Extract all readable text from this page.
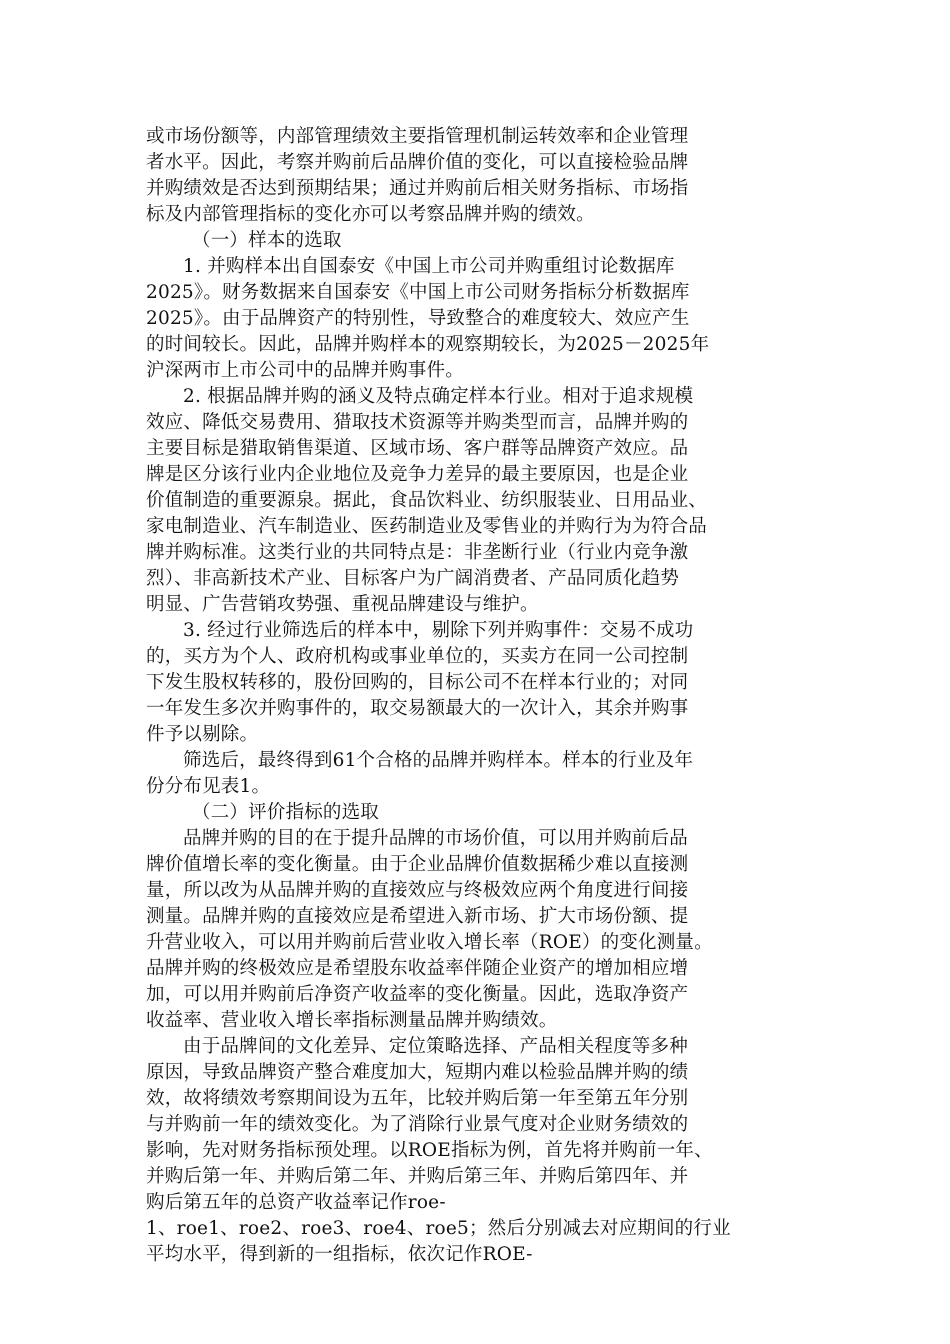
或市场份额等，内部管理绩效主要指管理机制运转效率和企业管理
者水平。因此，考察并购前后品牌价值的变化，可以直接检验品牌
并购绩效是否达到预期结果；通过并购前后相关财务指标、市场指
标及内部管理指标的变化亦可以考察品牌并购的绩效。
（一）样本的选取
1. 并购样本出自国泰安《中国上市公司并购重组讨论数据库
2025》。财务数据来自国泰安《中国上市公司财务指标分析数据库
2025》。由于品牌资产的特别性，导致整合的难度较大、效应产生
的时间较长。因此，品牌并购样本的观察期较长，为2025－2025年
沪深两市上市公司中的品牌并购事件。
2. 根据品牌并购的涵义及特点确定样本行业。相对于追求规模
效应、降低交易费用、猎取技术资源等并购类型而言，品牌并购的
主要目标是猎取销售渠道、区域市场、客户群等品牌资产效应。品
牌是区分该行业内企业地位及竞争力差异的最主要原因，也是企业
价值制造的重要源泉。据此，食品饮料业、纺织服装业、日用品业、
家电制造业、汽车制造业、医药制造业及零售业的并购行为为符合品
牌并购标准。这类行业的共同特点是：非垄断行业（行业内竞争激
烈）、非高新技术产业、目标客户为广阔消费者、产品同质化趋势
明显、广告营销攻势强、重视品牌建设与维护。
3. 经过行业筛选后的样本中，剔除下列并购事件：交易不成功
的，买方为个人、政府机构或事业单位的，买卖方在同一公司控制
下发生股权转移的，股份回购的，目标公司不在样本行业的；对同
一年发生多次并购事件的，取交易额最大的一次计入，其余并购事
件予以剔除。
筛选后，最终得到61个合格的品牌并购样本。样本的行业及年
份分布见表1。
（二）评价指标的选取
品牌并购的目的在于提升品牌的市场价值，可以用并购前后品
牌价值增长率的变化衡量。由于企业品牌价值数据稀少难以直接测
量，所以改为从品牌并购的直接效应与终极效应两个角度进行间接
测量。品牌并购的直接效应是希望进入新市场、扩大市场份额、提
升营业收入，可以用并购前后营业收入增长率（ROE）的变化测量。
品牌并购的终极效应是希望股东收益率伴随企业资产的增加相应增
加，可以用并购前后净资产收益率的变化衡量。因此，选取净资产
收益率、营业收入增长率指标测量品牌并购绩效。
由于品牌间的文化差异、定位策略选择、产品相关程度等多种
原因，导致品牌资产整合难度加大，短期内难以检验品牌并购的绩
效，故将绩效考察期间设为五年，比较并购后第一年至第五年分别
与并购前一年的绩效变化。为了消除行业景气度对企业财务绩效的
影响，先对财务指标预处理。以ROE指标为例，首先将并购前一年、
并购后第一年、并购后第二年、并购后第三年、并购后第四年、并
购后第五年的总资产收益率记作roe-
1、roe1、roe2、roe3、roe4、roe5；然后分别减去对应期间的行业
平均水平，得到新的一组指标，依次记作ROE-
